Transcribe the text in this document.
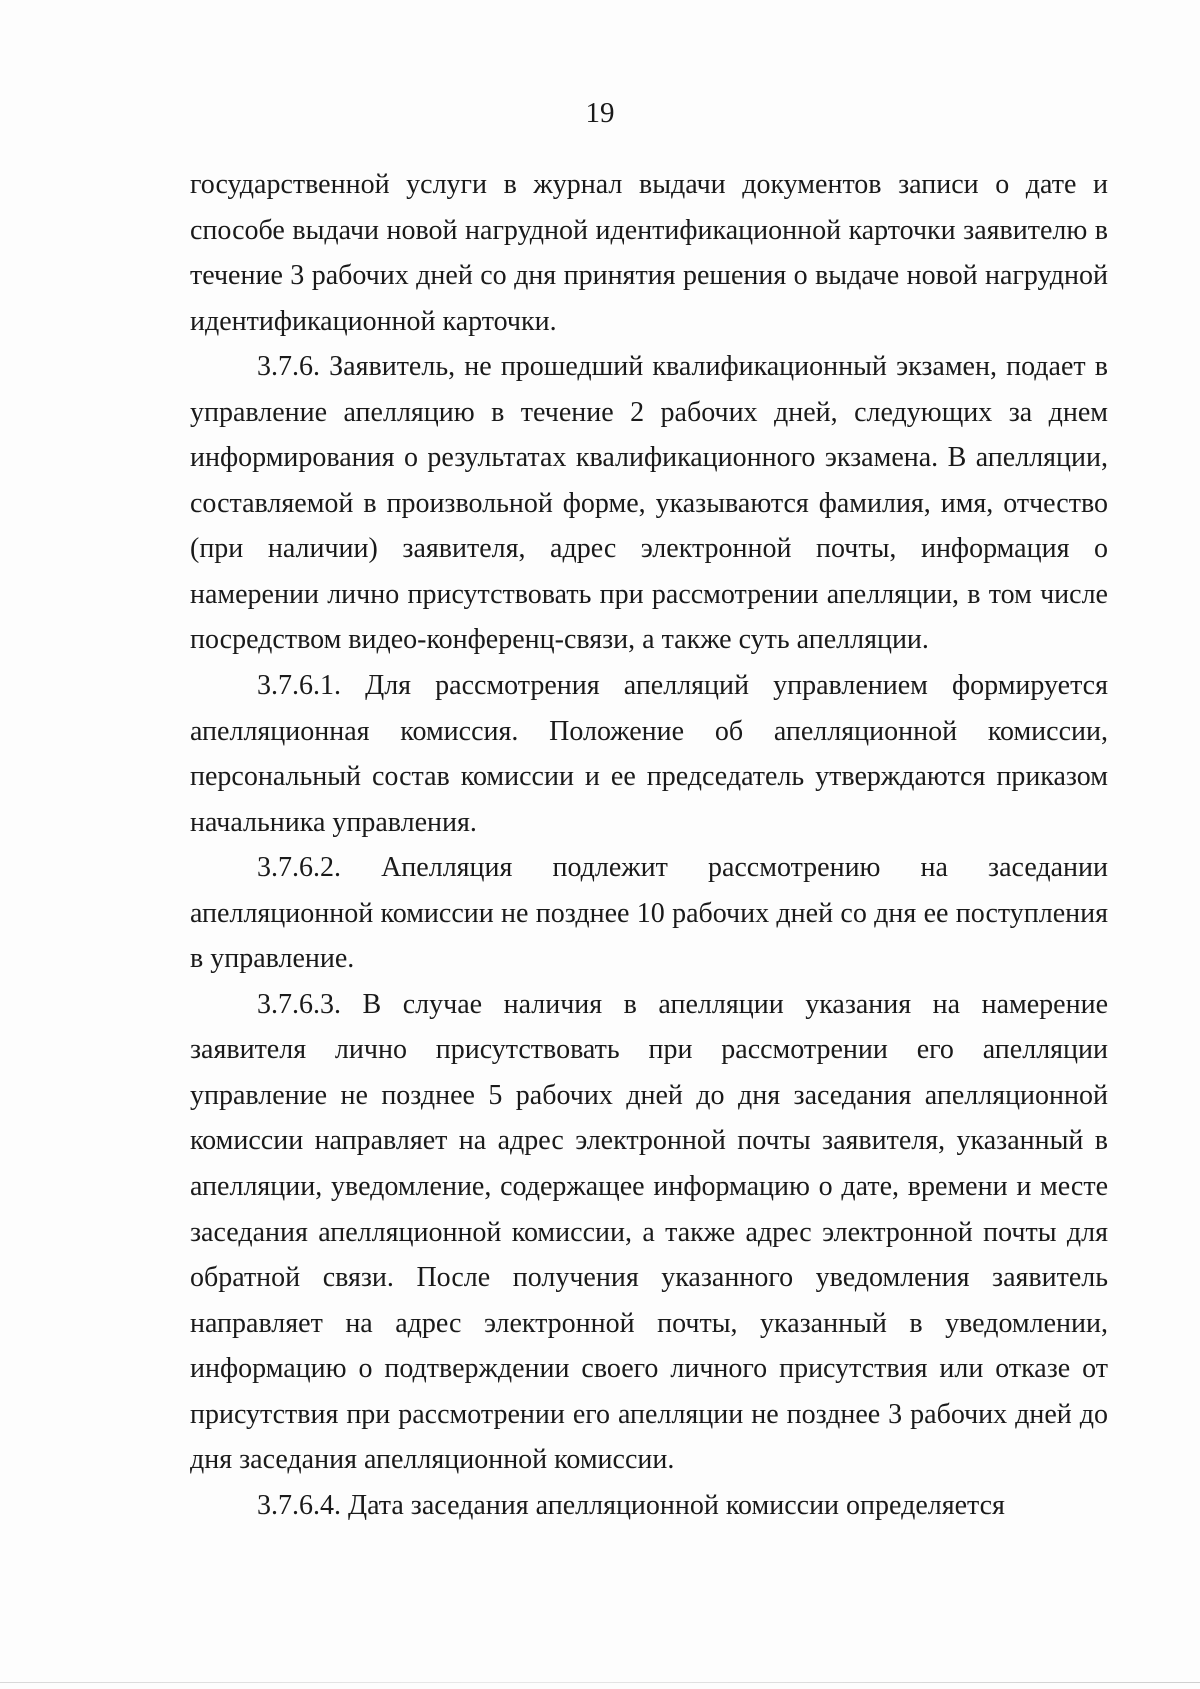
19

государственной услуги в журнал выдачи документов записи о дате и способе выдачи новой нагрудной идентификационной карточки заявителю в течение 3 рабочих дней со дня принятия решения о выдаче новой нагрудной идентификационной карточки.

3.7.6. Заявитель, не прошедший квалификационный экзамен, подает в управление апелляцию в течение 2 рабочих дней, следующих за днем информирования о результатах квалификационного экзамена. В апелляции, составляемой в произвольной форме, указываются фамилия, имя, отчество (при наличии) заявителя, адрес электронной почты, информация о намерении лично присутствовать при рассмотрении апелляции, в том числе посредством видео-конференц-связи, а также суть апелляции.

3.7.6.1. Для рассмотрения апелляций управлением формируется апелляционная комиссия. Положение об апелляционной комиссии, персональный состав комиссии и ее председатель утверждаются приказом начальника управления.

3.7.6.2. Апелляция подлежит рассмотрению на заседании апелляционной комиссии не позднее 10 рабочих дней со дня ее поступления в управление.

3.7.6.3. В случае наличия в апелляции указания на намерение заявителя лично присутствовать при рассмотрении его апелляции управление не позднее 5 рабочих дней до дня заседания апелляционной комиссии направляет на адрес электронной почты заявителя, указанный в апелляции, уведомление, содержащее информацию о дате, времени и месте заседания апелляционной комиссии, а также адрес электронной почты для обратной связи. После получения указанного уведомления заявитель направляет на адрес электронной почты, указанный в уведомлении, информацию о подтверждении своего личного присутствия или отказе от присутствия при рассмотрении его апелляции не позднее 3 рабочих дней до дня заседания апелляционной комиссии.

3.7.6.4. Дата заседания апелляционной комиссии определяется
